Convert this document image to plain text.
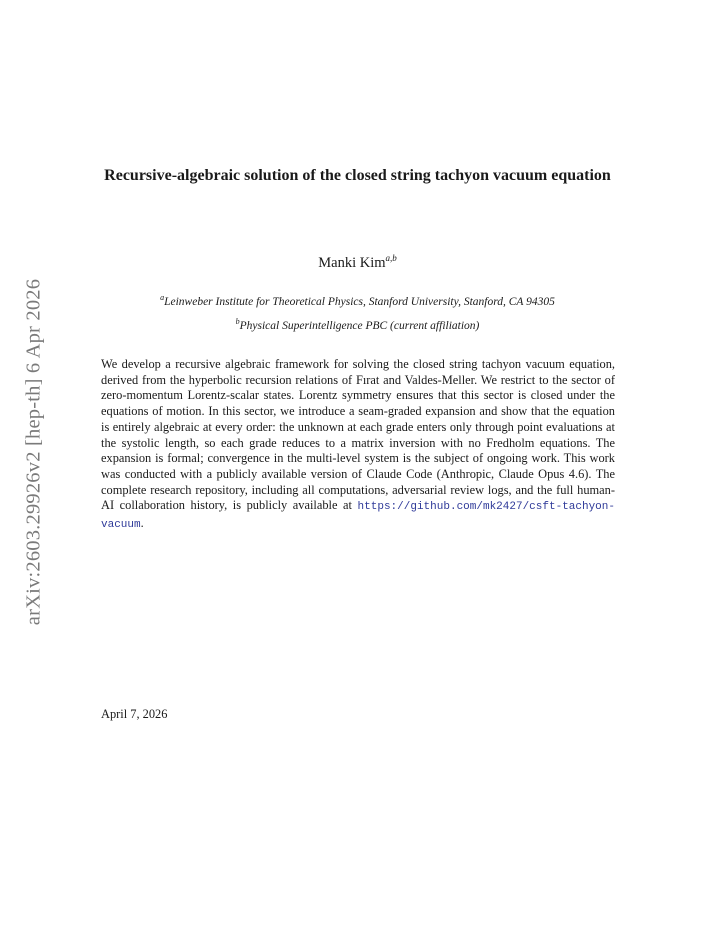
arXiv:2603.29926v2 [hep-th] 6 Apr 2026
Recursive-algebraic solution of the closed string tachyon vacuum equation
Manki Kim$^{a,b}$
$^a$Leinweber Institute for Theoretical Physics, Stanford University, Stanford, CA 94305
$^b$Physical Superintelligence PBC (current affiliation)
We develop a recursive algebraic framework for solving the closed string tachyon vacuum equation, derived from the hyperbolic recursion relations of Fırat and Valdes-Meller. We restrict to the sector of zero-momentum Lorentz-scalar states. Lorentz symmetry ensures that this sector is closed under the equations of motion. In this sector, we introduce a seam-graded expansion and show that the equation is entirely algebraic at every order: the unknown at each grade enters only through point evaluations at the systolic length, so each grade reduces to a matrix inversion with no Fredholm equations. The expansion is formal; convergence in the multi-level system is the subject of ongoing work. This work was conducted with a publicly available version of Claude Code (Anthropic, Claude Opus 4.6). The complete research repository, including all computations, adversarial review logs, and the full human-AI collaboration history, is publicly available at https://github.com/mk2427/csft-tachyon-vacuum.
April 7, 2026
